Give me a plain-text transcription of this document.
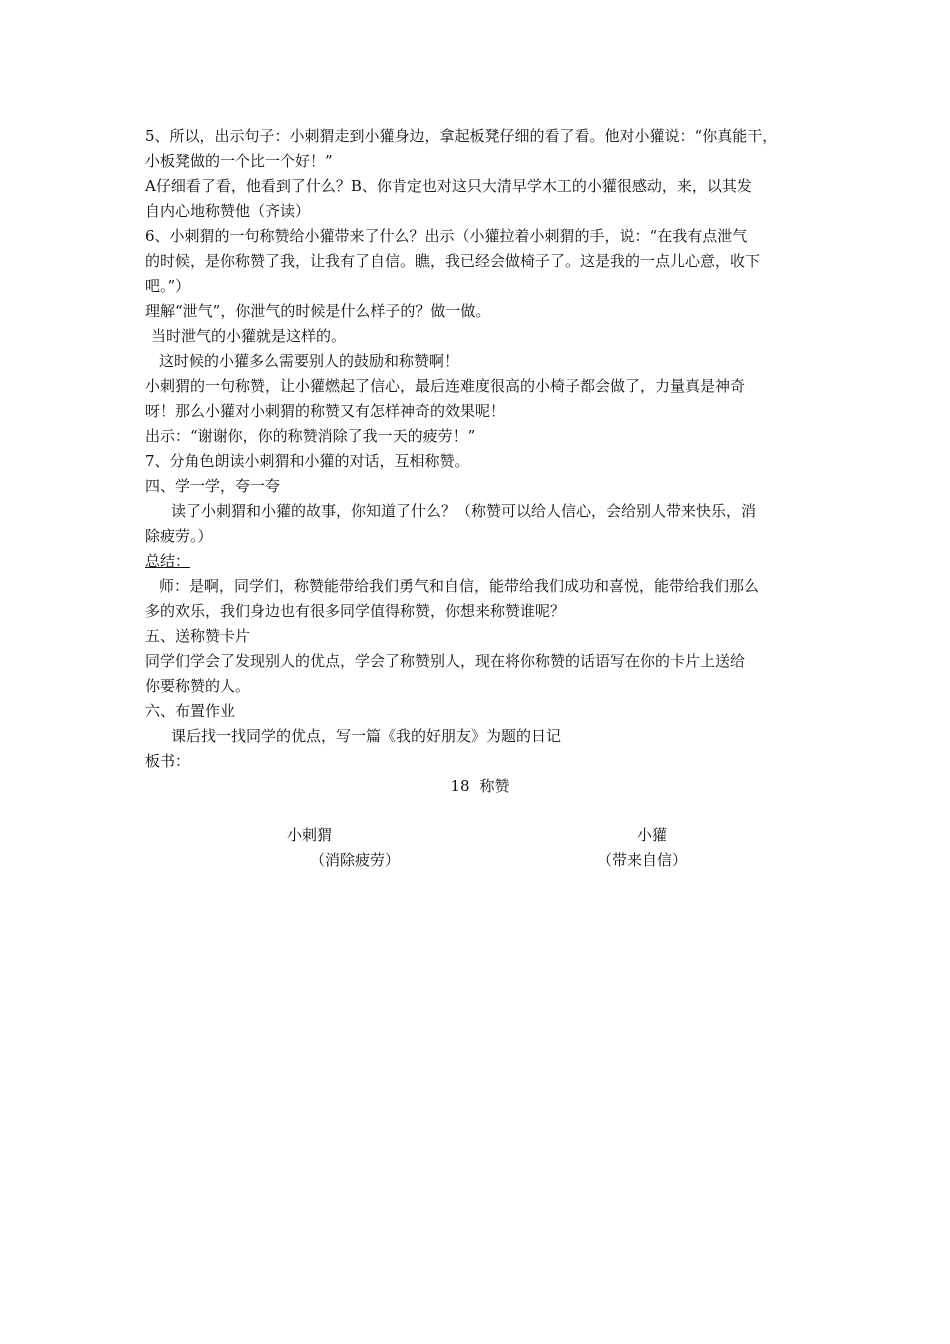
5、所以，出示句子：小刺猬走到小獾身边，拿起板凳仔细的看了看。他对小獾说：“你真能干，

小板凳做的一个比一个好！”

A仔细看了看，他看到了什么？B、你肯定也对这只大清早学木工的小獾很感动，来，以其发

自内心地称赞他（齐读）

6、小刺猬的一句称赞给小獾带来了什么？出示（小獾拉着小刺猬的手，说：“在我有点泄气

的时候，是你称赞了我，让我有了自信。瞧，我已经会做椅子了。这是我的一点儿心意，收下

吧。”）

理解“泄气”，你泄气的时候是什么样子的？做一做。

当时泄气的小獾就是这样的。

这时候的小獾多么需要别人的鼓励和称赞啊！

小刺猬的一句称赞，让小獾燃起了信心，最后连难度很高的小椅子都会做了，力量真是神奇

呀！那么小獾对小刺猬的称赞又有怎样神奇的效果呢！

出示：“谢谢你，你的称赞消除了我一天的疲劳！”

7、分角色朗读小刺猬和小獾的对话，互相称赞。

四、学一学，夸一夸

读了小刺猬和小獾的故事，你知道了什么？（称赞可以给人信心，会给别人带来快乐，消

除疲劳。）

总结：

师：是啊，同学们，称赞能带给我们勇气和自信，能带给我们成功和喜悦，能带给我们那么

多的欢乐，我们身边也有很多同学值得称赞，你想来称赞谁呢？

五、送称赞卡片

同学们学会了发现别人的优点，学会了称赞别人，现在将你称赞的话语写在你的卡片上送给

你要称赞的人。

六、布置作业

课后找一找同学的优点，写一篇《我的好朋友》为题的日记

板书：

18 称赞
小刺猬	小獾
（消除疲劳）	（带来自信）
